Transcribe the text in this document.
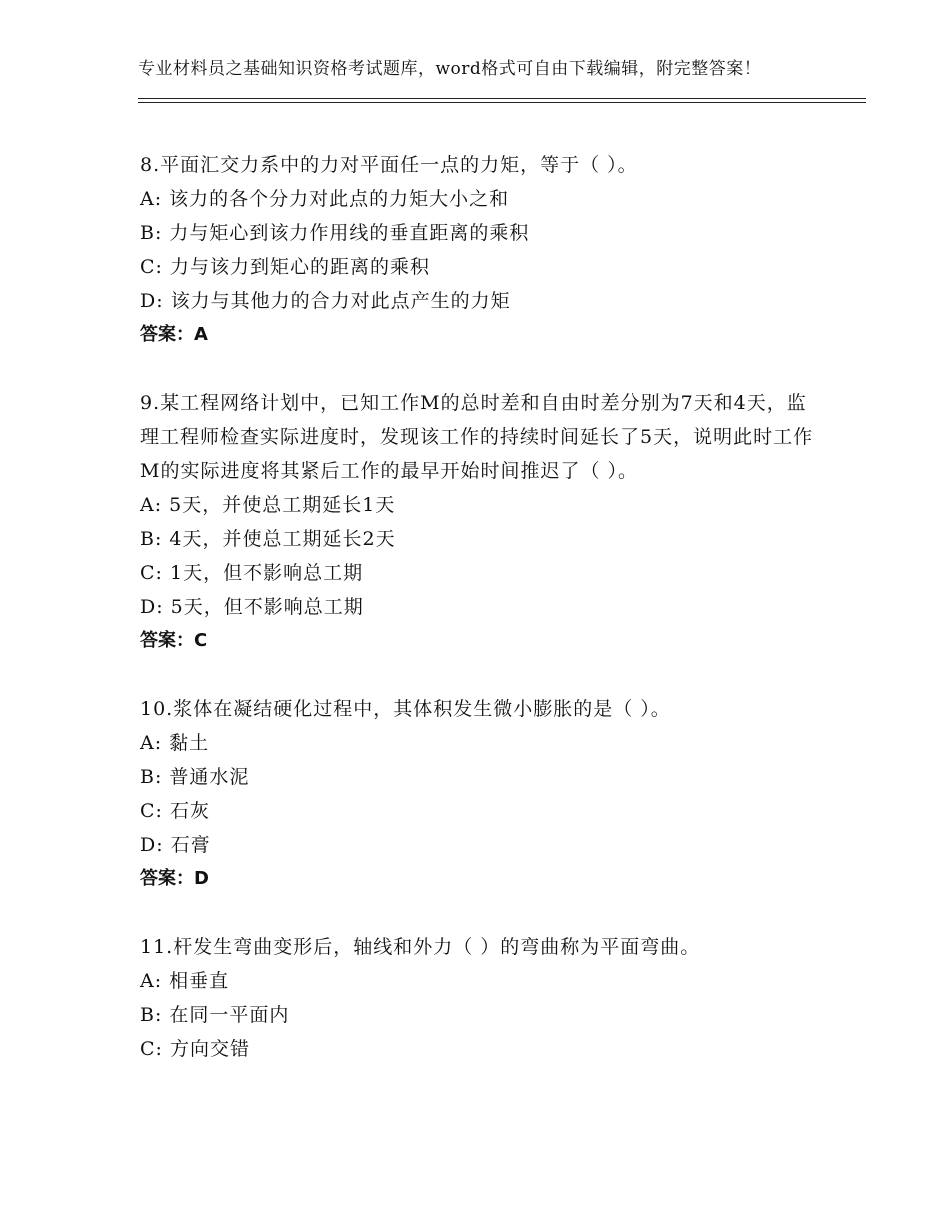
专业材料员之基础知识资格考试题库，word格式可自由下载编辑，附完整答案！
8.平面汇交力系中的力对平面任一点的力矩，等于（ ）。
A: 该力的各个分力对此点的力矩大小之和
B: 力与矩心到该力作用线的垂直距离的乘积
C: 力与该力到矩心的距离的乘积
D: 该力与其他力的合力对此点产生的力矩
答案：A
9.某工程网络计划中，已知工作M的总时差和自由时差分别为7天和4天，监理工程师检查实际进度时，发现该工作的持续时间延长了5天，说明此时工作M的实际进度将其紧后工作的最早开始时间推迟了（ ）。
A: 5天，并使总工期延长1天
B: 4天，并使总工期延长2天
C: 1天，但不影响总工期
D: 5天，但不影响总工期
答案：C
10.浆体在凝结硬化过程中，其体积发生微小膨胀的是（ ）。
A: 黏土
B: 普通水泥
C: 石灰
D: 石膏
答案：D
11.杆发生弯曲变形后，轴线和外力（ ）的弯曲称为平面弯曲。
A: 相垂直
B: 在同一平面内
C: 方向交错
